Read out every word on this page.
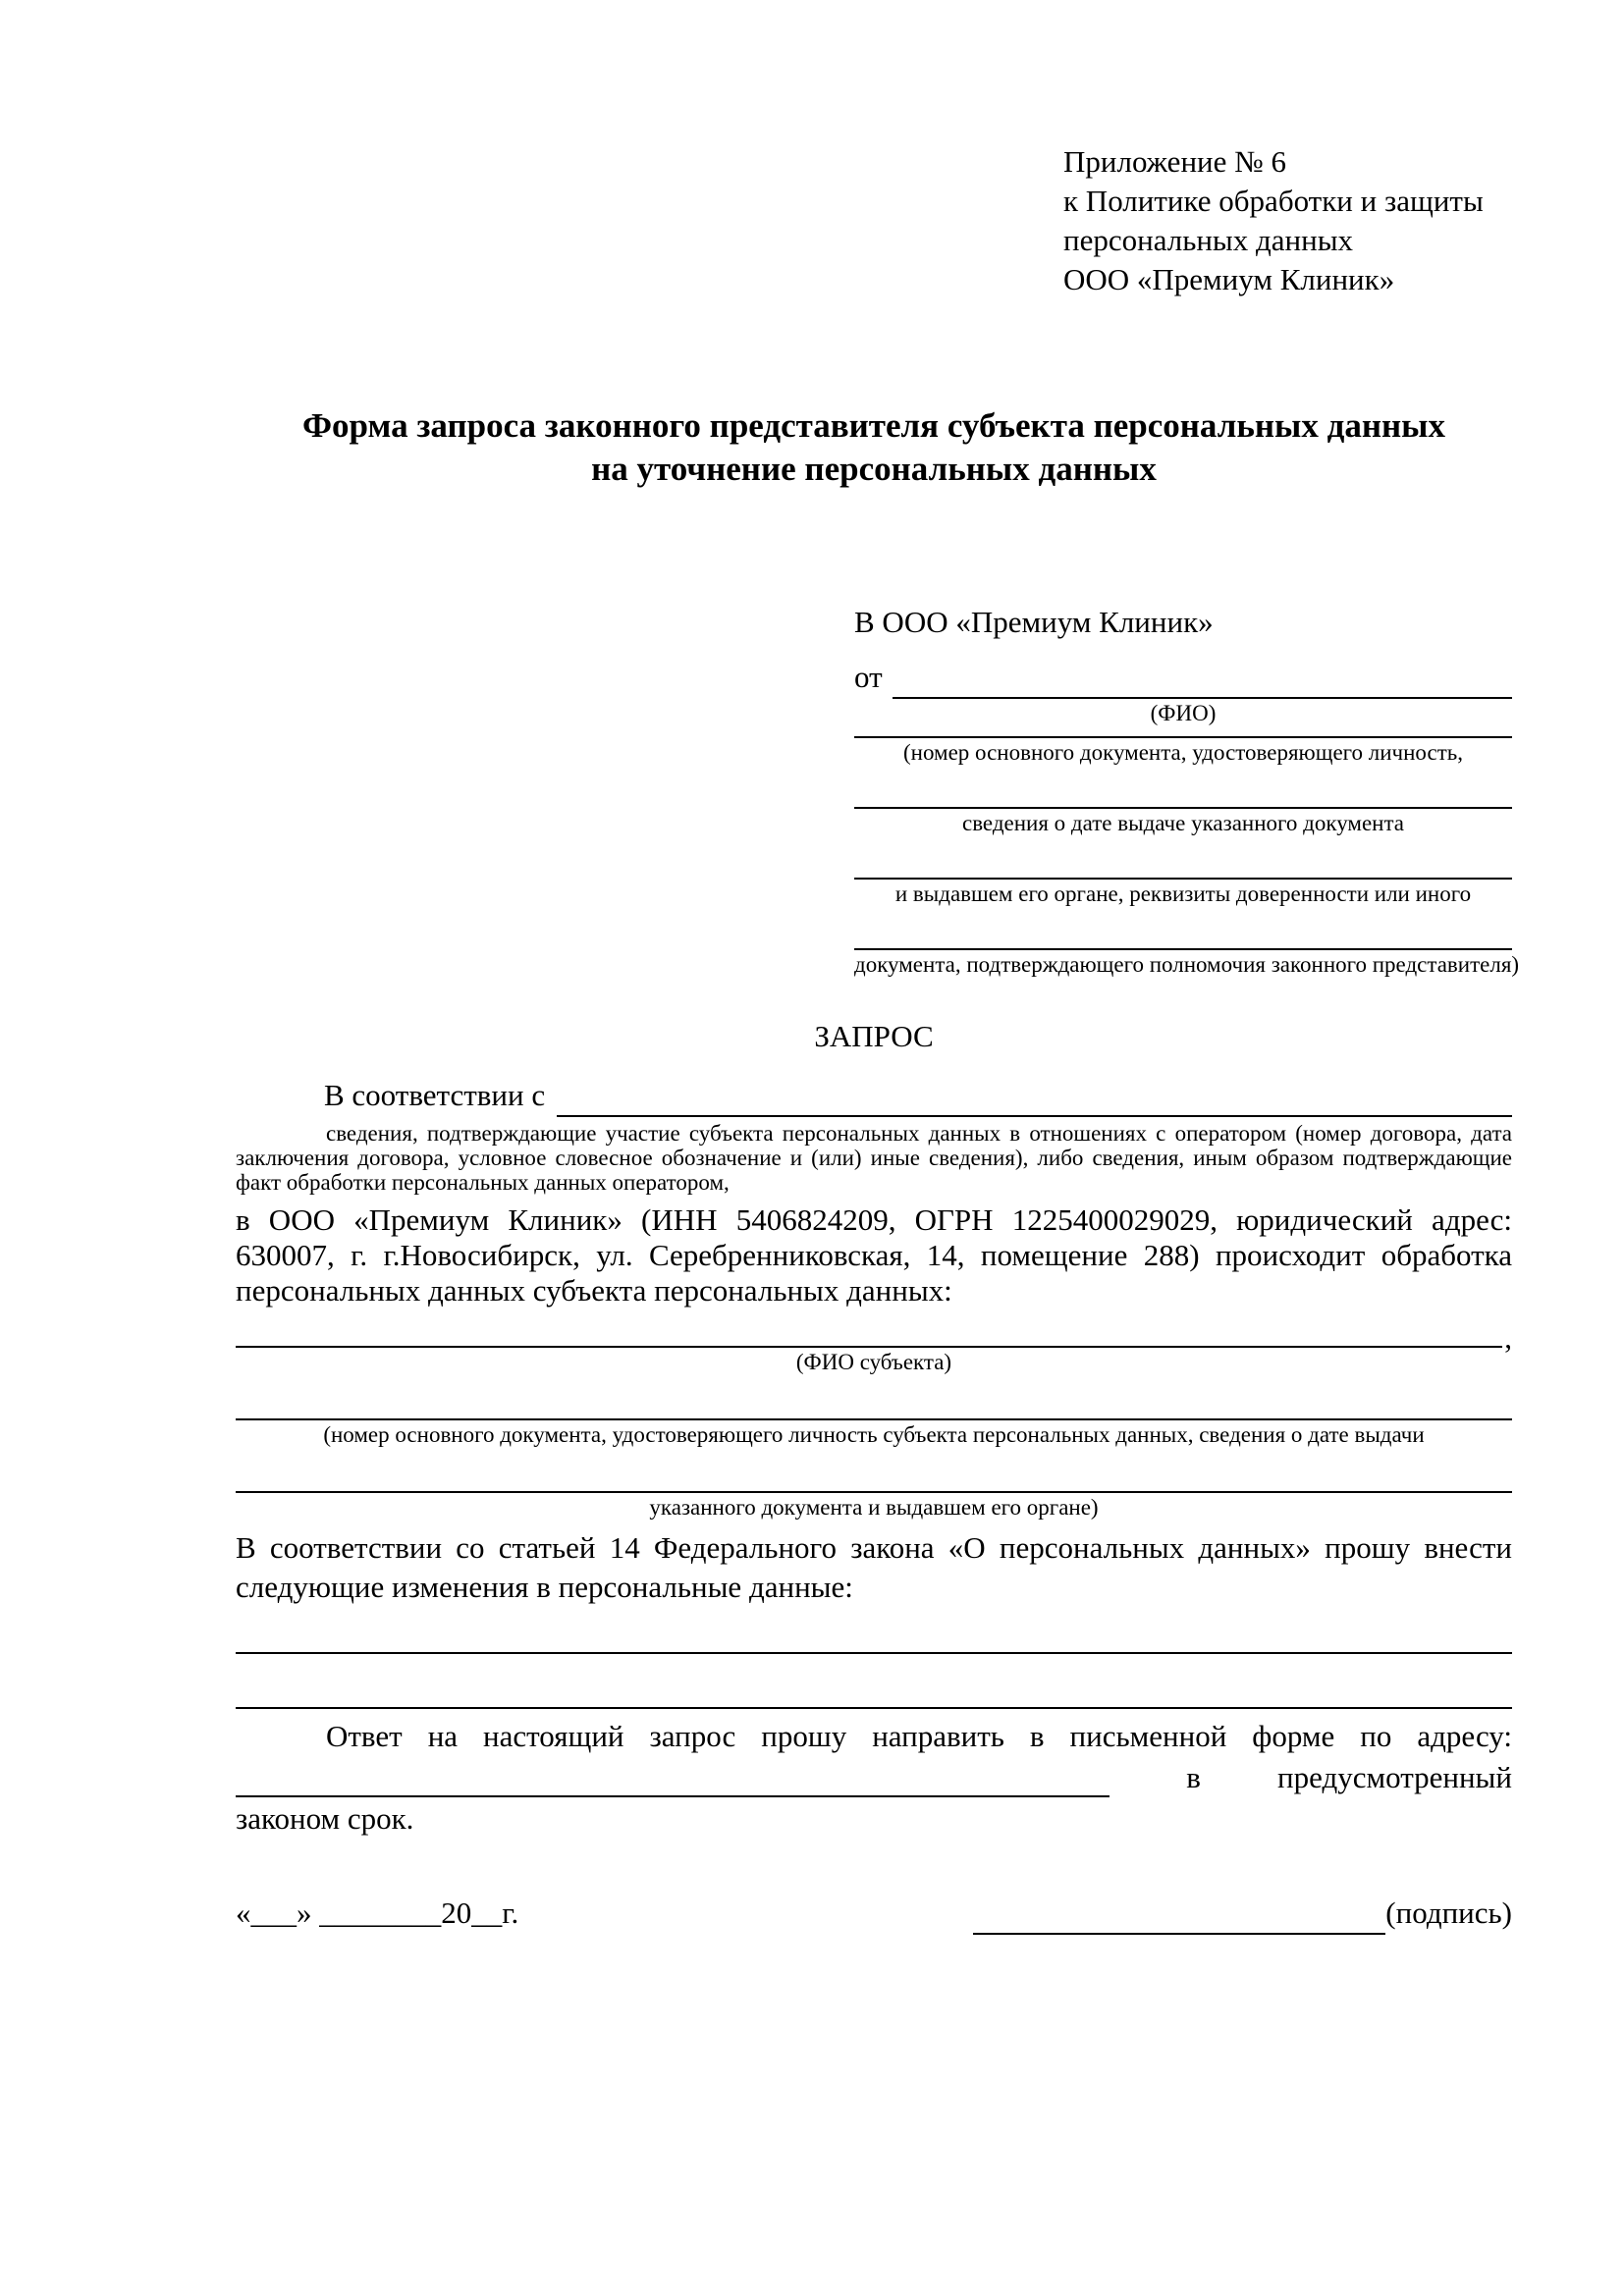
Приложение № 6
к Политике обработки и защиты
персональных данных
ООО «Премиум Клиник»
Форма запроса законного представителя субъекта персональных данных
на уточнение персональных данных
В ООО «Премиум Клиник»
от
(ФИО)
(номер основного документа, удостоверяющего личность,
сведения о дате выдаче указанного документа
и выдавшем его органе, реквизиты доверенности или иного
документа, подтверждающего полномочия законного представителя)
ЗАПРОС
В соответствии с

сведения, подтверждающие участие субъекта персональных данных в отношениях с оператором (номер договора, дата заключения договора, условное словесное обозначение и (или) иные сведения), либо сведения, иным образом подтверждающие факт обработки персональных данных оператором,

в ООО «Премиум Клиник» (ИНН 5406824209, ОГРН 1225400029029, юридический адрес: 630007, г. г.Новосибирск, ул. Серебренниковская, 14, помещение 288) происходит обработка персональных данных субъекта персональных данных:

,
(ФИО субъекта)
(номер основного документа, удостоверяющего личность субъекта персональных данных, сведения о дате выдачи
указанного документа и выдавшем его органе)

В соответствии со статьей 14 Федерального закона «О персональных данных» прошу внести следующие изменения в персональные данные:

Ответ на настоящий запрос прошу направить в письменной форме по адресу:

в	предусмотренный
законом срок.
«___» ________20__г.	(подпись)
